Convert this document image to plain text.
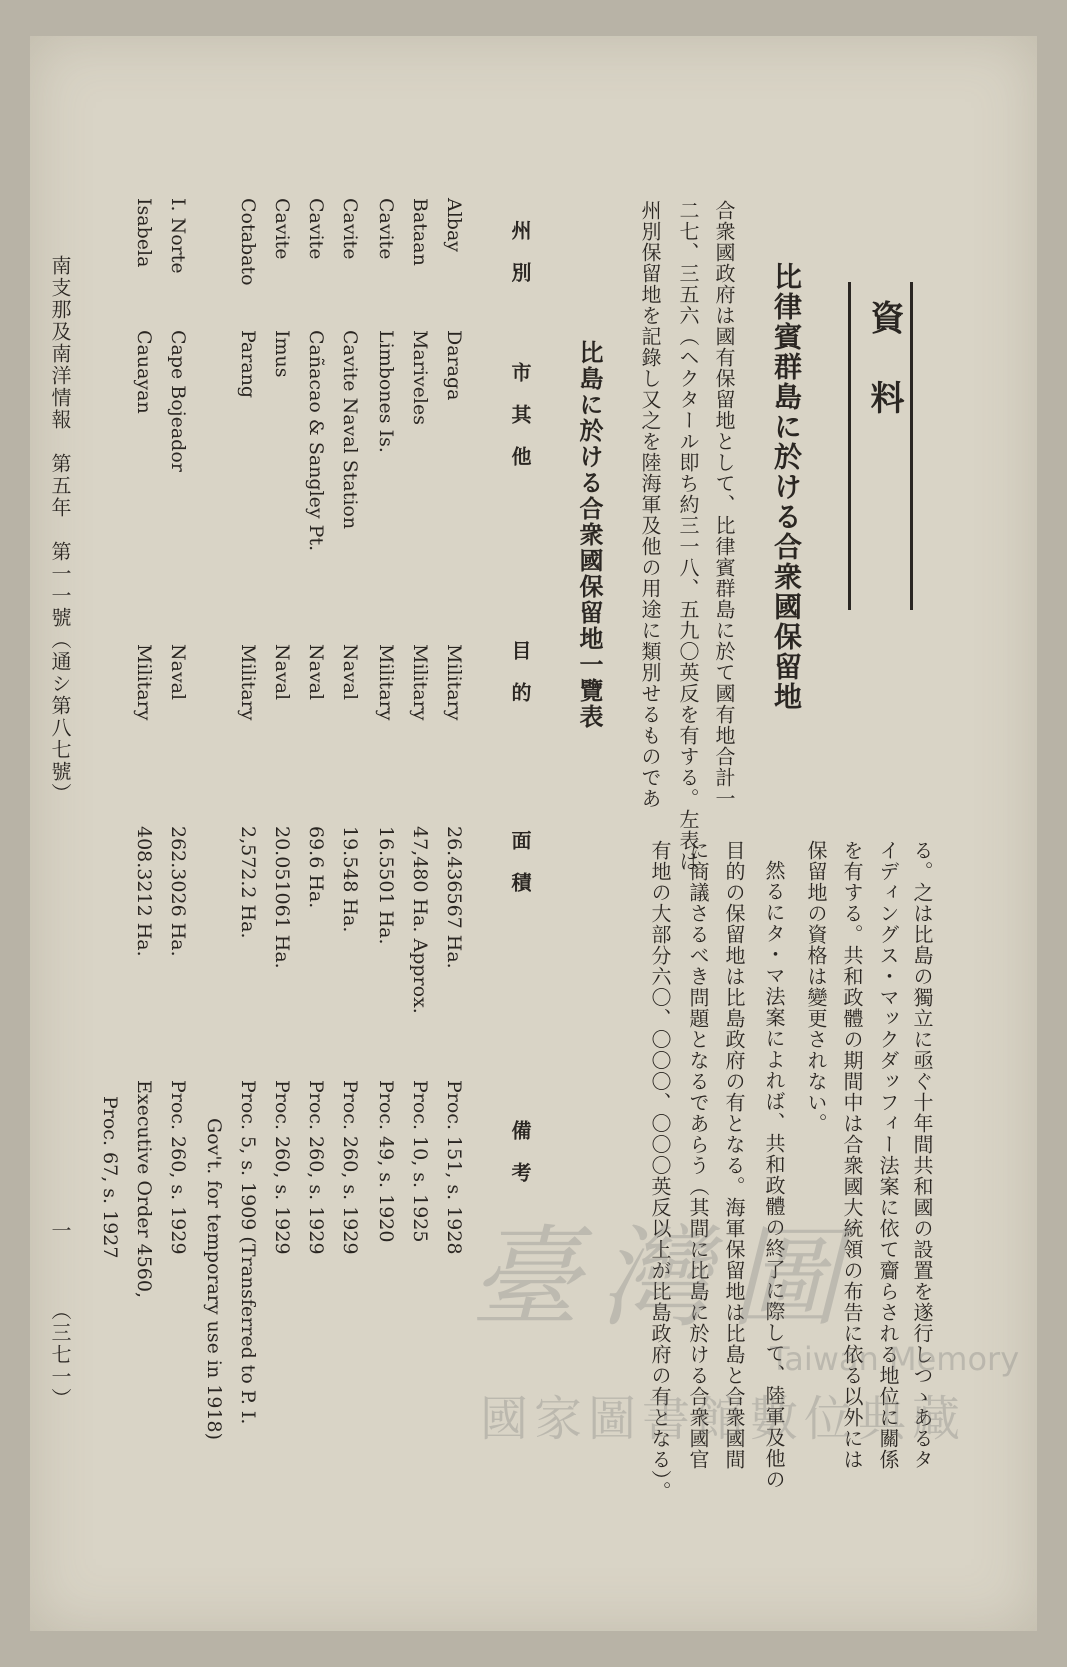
る。之は比島の獨立に亟ぐ十年間共和國の設置を遂行しつゝあるタ
イディングス・マックダッフィー法案に依て齎らされる地位に關係
を有する。共和政體の期間中は合衆國大統領の布告に依る以外には
保留地の資格は變更されない。
然るにタ・マ法案によれば、共和政體の終了に際して、陸軍及他の
目的の保留地は比島政府の有となる。海軍保留地は比島と合衆國間
に商議さるべき問題となるであらう（其間に比島に於ける合衆國官
有地の大部分六〇、〇〇〇、〇〇〇英反以上が比島政府の有となる）。
資　料
比律賓群島に於ける合衆國保留地
合衆國政府は國有保留地として、比律賓群島に於て國有地合計一
二七、三五六（ヘクタール即ち約三一八、五九〇英反を有する。左表は
州別保留地を記錄し又之を陸海軍及他の用途に類別せるものであ
比島に於ける合衆國保留地一覽表
州別
市其他
目的
面積
備考
Albay
Daraga
Military
26.436567 Ha.
Proc. 151, s. 1928
Bataan
Mariveles
Military
47,480 Ha. Approx.
Proc. 10, s. 1925
Cavite
Limbones Is.
Military
16.5501 Ha.
Proc. 49, s. 1920
Cavite
Cavite Naval Station
Naval
19.548 Ha.
Proc. 260, s. 1929
Cavite
Cañacao & Sangley Pt.
Naval
69.6 Ha.
Proc. 260, s. 1929
Cavite
Imus
Naval
20.051061 Ha.
Proc. 260, s. 1929
Cotabato
Parang
Military
2,572.2 Ha.
Proc. 5, s. 1909 (Transferred to P. I.
Gov't. for temporary use in 1918)
I. Norte
Cape Bojeador
Naval
262.3026 Ha.
Proc. 260, s. 1929
Isabela
Cauayan
Military
408.3212 Ha.
Executive Order 4560,
Proc. 67, s. 1927
南支那及南洋情報　第五年　第一一號（通シ第八七號）
一
（三七一）
臺灣圖
Taiwan Memory
國家圖書館數位典藏
